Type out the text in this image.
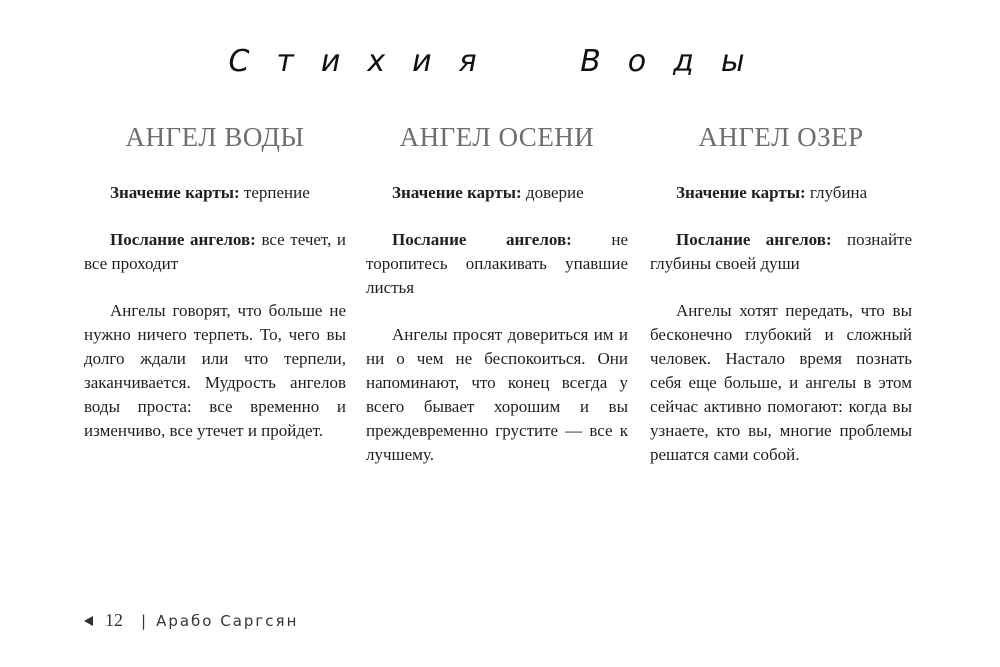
Стихия Воды
АНГЕЛ ВОДЫ

Значение карты: терпение

Послание ангелов: все течет, и все проходит

Ангелы говорят, что больше не нужно ничего терпеть. То, чего вы долго ждали или что терпели, заканчивается. Мудрость ангелов воды проста: все временно и изменчиво, все утечет и пройдет.

АНГЕЛ ОСЕНИ

Значение карты: доверие

Послание ангелов: не торопитесь оплакивать упавшие листья

Ангелы просят довериться им и ни о чем не беспокоиться. Они напоминают, что конец всегда у всего бывает хорошим и вы преждевременно грустите — все к лучшему.

АНГЕЛ ОЗЕР

Значение карты: глубина

Послание ангелов: познайте глубины своей души

Ангелы хотят передать, что вы бесконечно глубокий и сложный человек. Настало время познать себя еще больше, и ангелы в этом сейчас активно помогают: когда вы узнаете, кто вы, многие проблемы решатся сами собой.

12 | Арабо Саргсян
